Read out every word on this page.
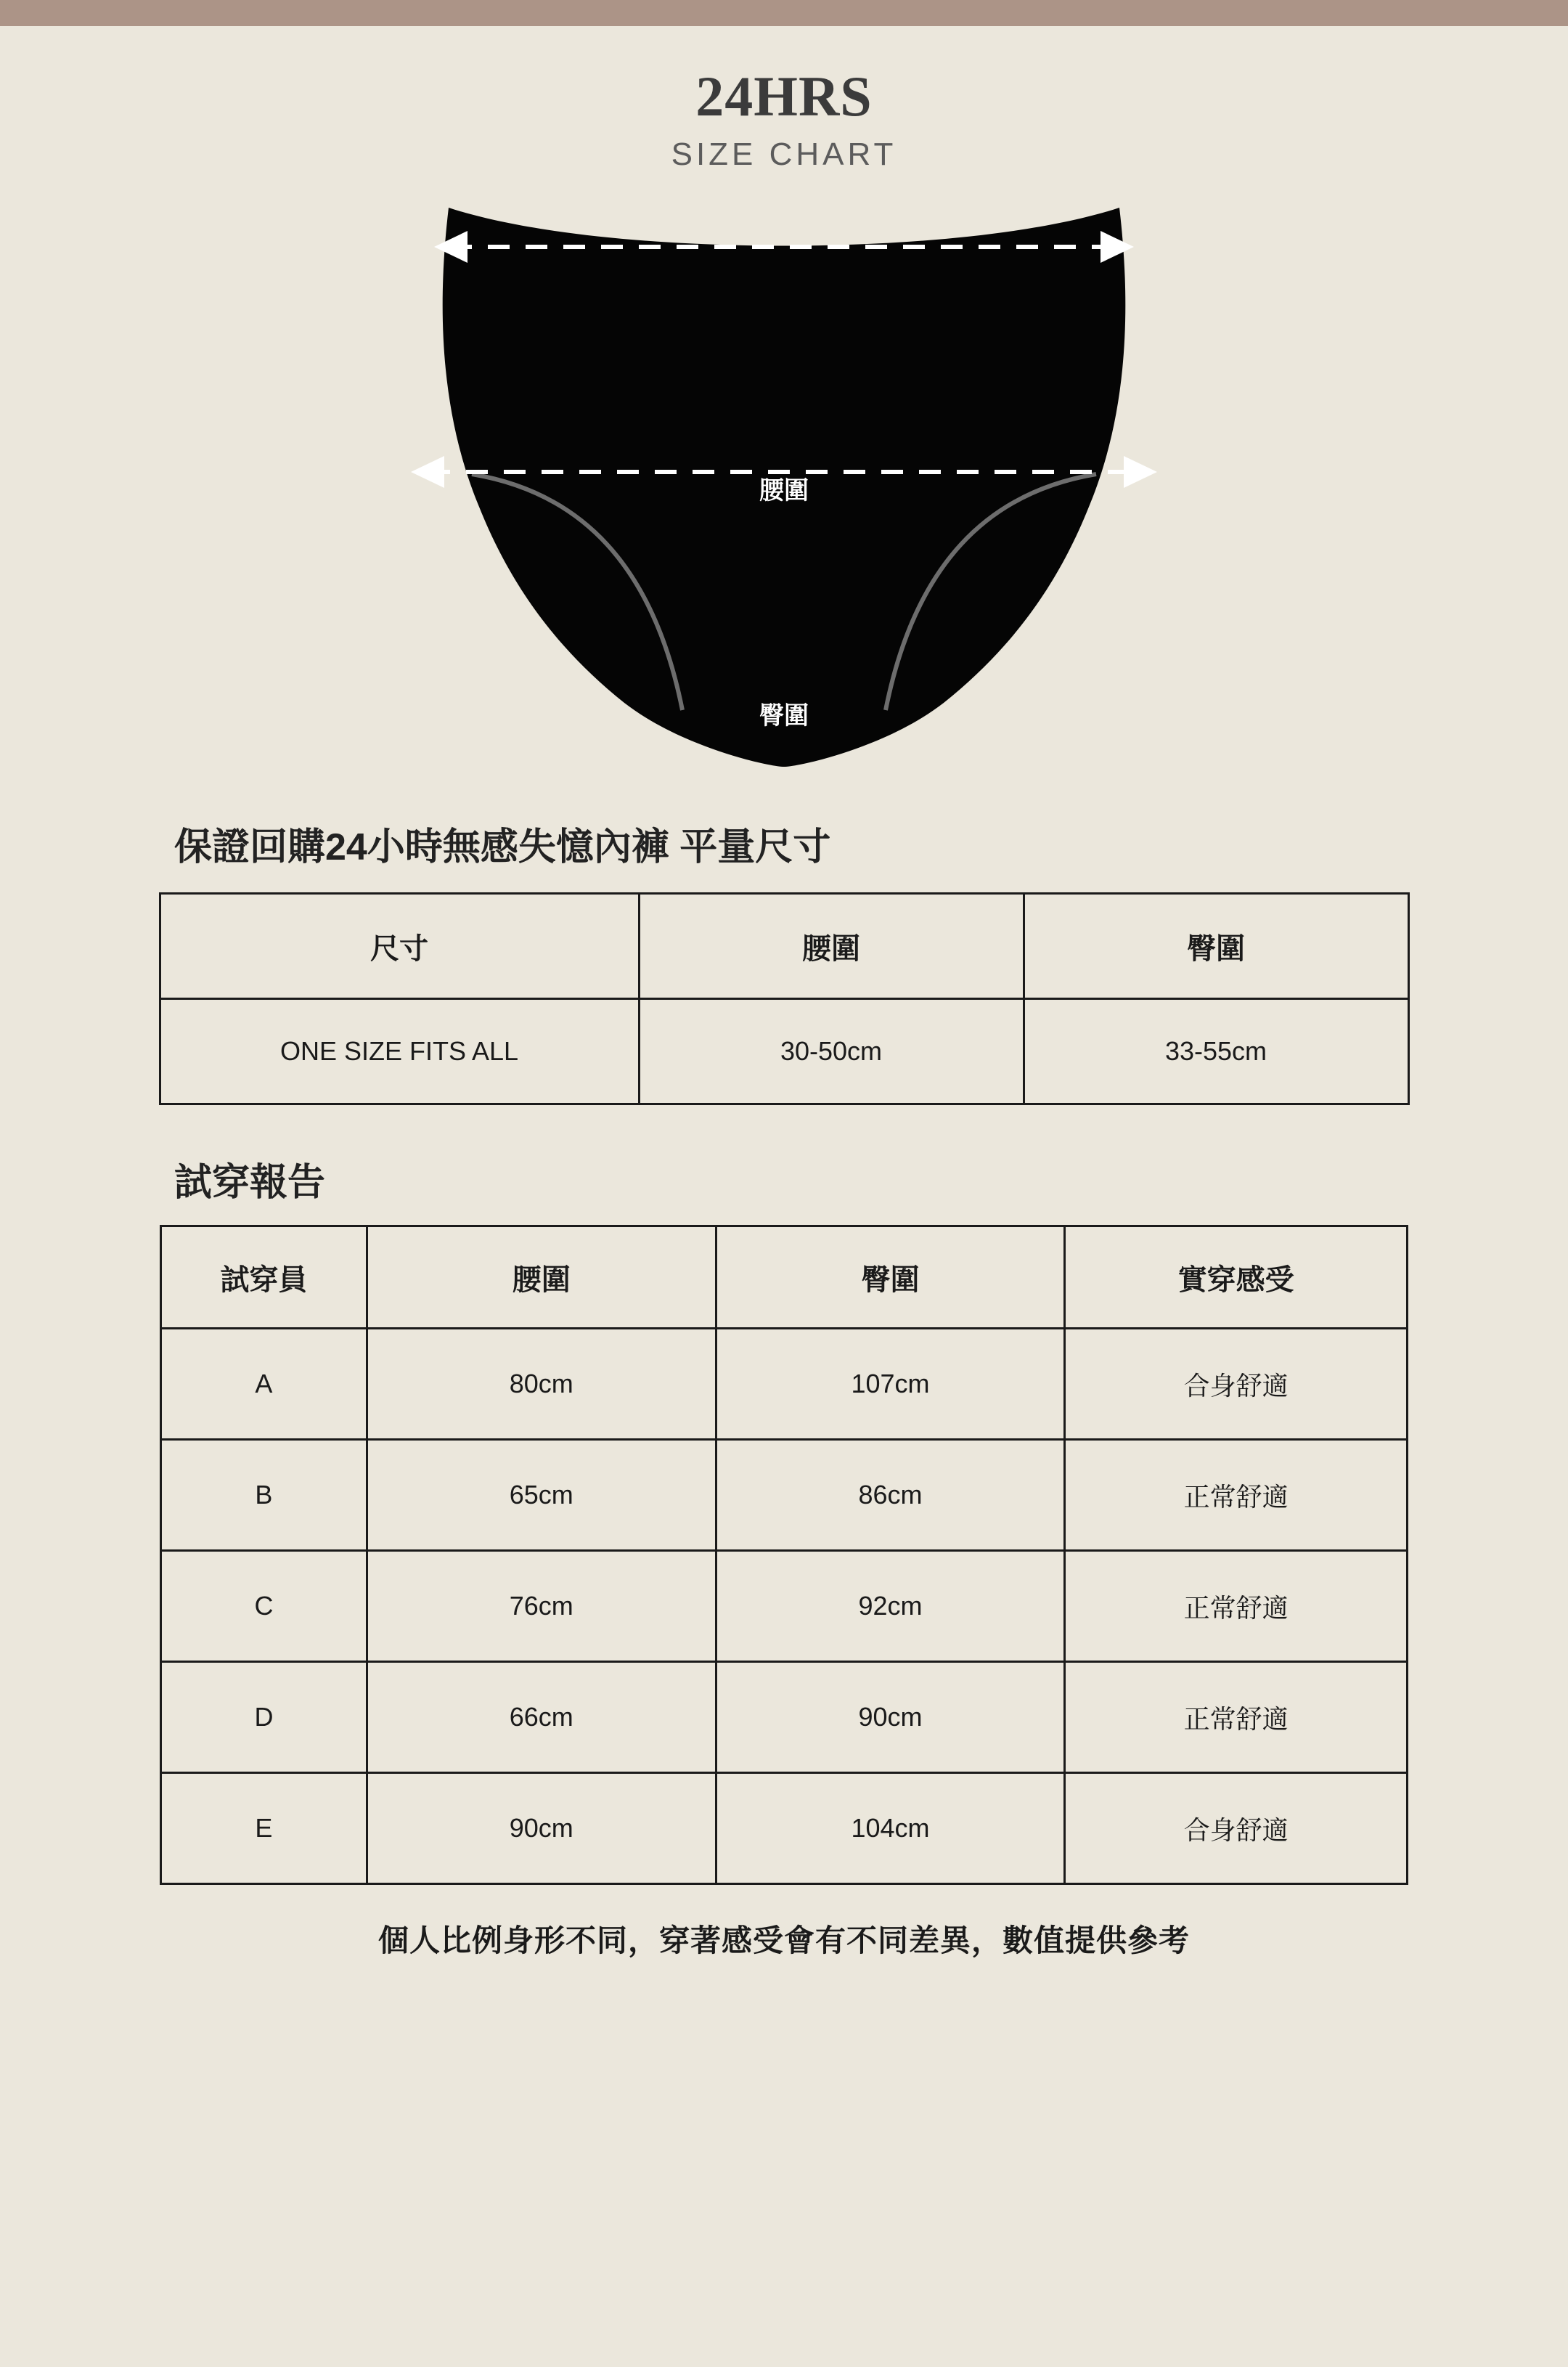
24HRS
SIZE CHART
腰圍
臀圍
保證回購24小時無感失憶內褲 平量尺寸
尺寸	腰圍	臀圍
ONE SIZE FITS ALL	30-50cm	33-55cm
試穿報告
試穿員	腰圍	臀圍	實穿感受
A	80cm	107cm	合身舒適
B	65cm	86cm	正常舒適
C	76cm	92cm	正常舒適
D	66cm	90cm	正常舒適
E	90cm	104cm	合身舒適
個人比例身形不同，穿著感受會有不同差異，數值提供參考
